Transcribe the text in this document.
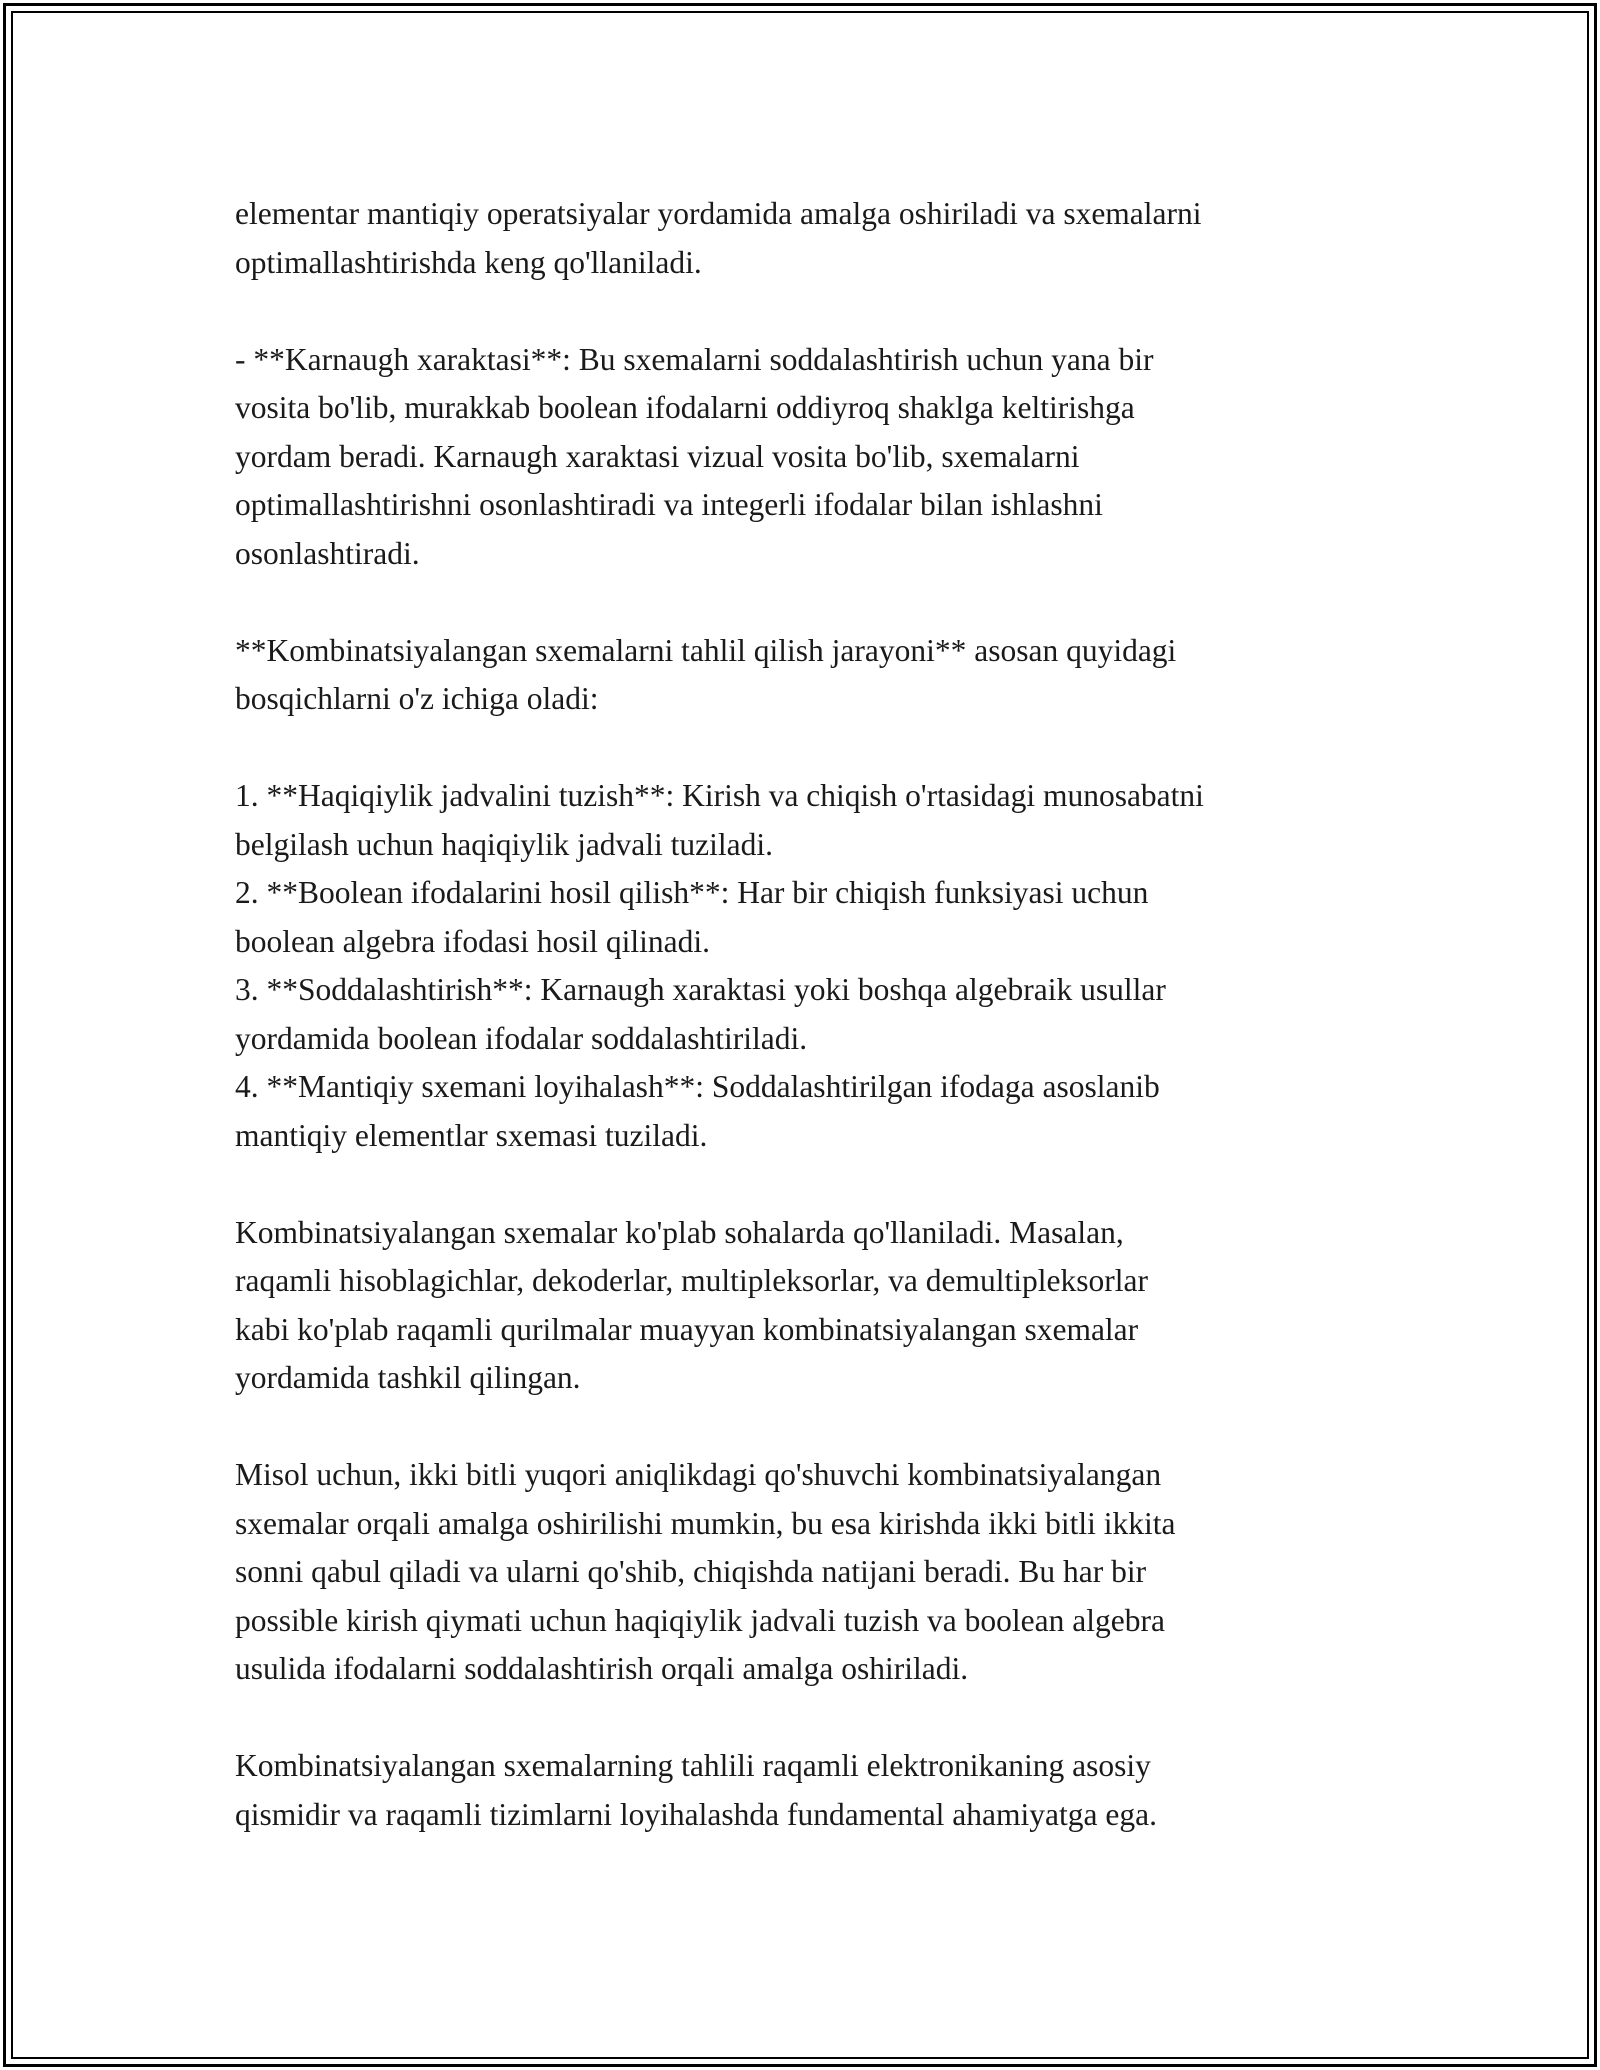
elementar mantiqiy operatsiyalar yordamida amalga oshiriladi va sxemalarni
optimallashtirishda keng qo'llaniladi.

- **Karnaugh xaraktasi**: Bu sxemalarni soddalashtirish uchun yana bir
vosita bo'lib, murakkab boolean ifodalarni oddiyroq shaklga keltirishga
yordam beradi. Karnaugh xaraktasi vizual vosita bo'lib, sxemalarni
optimallashtirishni osonlashtiradi va integerli ifodalar bilan ishlashni
osonlashtiradi.

**Kombinatsiyalangan sxemalarni tahlil qilish jarayoni** asosan quyidagi
bosqichlarni o'z ichiga oladi:

1. **Haqiqiylik jadvalini tuzish**: Kirish va chiqish o'rtasidagi munosabatni
belgilash uchun haqiqiylik jadvali tuziladi.
2. **Boolean ifodalarini hosil qilish**: Har bir chiqish funksiyasi uchun
boolean algebra ifodasi hosil qilinadi.
3. **Soddalashtirish**: Karnaugh xaraktasi yoki boshqa algebraik usullar
yordamida boolean ifodalar soddalashtiriladi.
4. **Mantiqiy sxemani loyihalash**: Soddalashtirilgan ifodaga asoslanib
mantiqiy elementlar sxemasi tuziladi.

Kombinatsiyalangan sxemalar ko'plab sohalarda qo'llaniladi. Masalan,
raqamli hisoblagichlar, dekoderlar, multipleksorlar, va demultipleksorlar
kabi ko'plab raqamli qurilmalar muayyan kombinatsiyalangan sxemalar
yordamida tashkil qilingan.

Misol uchun, ikki bitli yuqori aniqlikdagi qo'shuvchi kombinatsiyalangan
sxemalar orqali amalga oshirilishi mumkin, bu esa kirishda ikki bitli ikkita
sonni qabul qiladi va ularni qo'shib, chiqishda natijani beradi. Bu har bir
possible kirish qiymati uchun haqiqiylik jadvali tuzish va boolean algebra
usulida ifodalarni soddalashtirish orqali amalga oshiriladi.

Kombinatsiyalangan sxemalarning tahlili raqamli elektronikaning asosiy
qismidir va raqamli tizimlarni loyihalashda fundamental ahamiyatga ega.
